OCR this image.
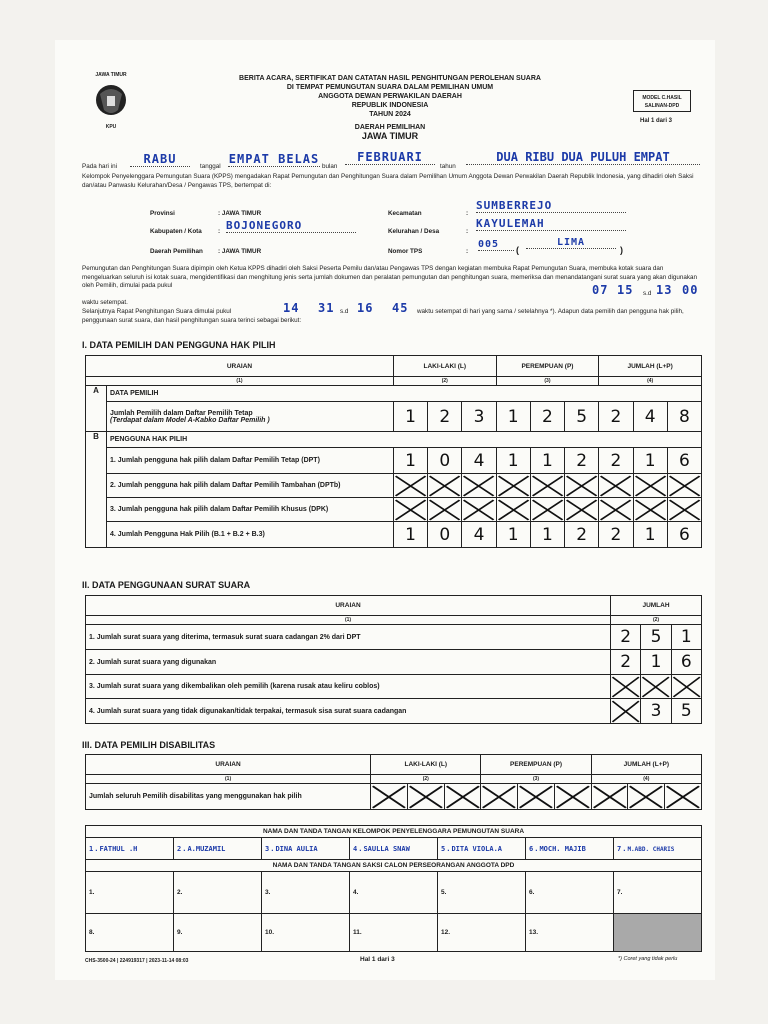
JAWA TIMUR
KPU
BERITA ACARA, SERTIFIKAT DAN CATATAN HASIL PENGHITUNGAN PEROLEHAN SUARA
DI TEMPAT PEMUNGUTAN SUARA DALAM PEMILIHAN UMUM
ANGGOTA DEWAN PERWAKILAN DAERAH
REPUBLIK INDONESIA
TAHUN 2024
DAERAH PEMILIHAN
JAWA TIMUR
MODEL C.HASIL
SALINAN-DPD
Hal 1 dari 3
Pada hari ini
RABU
tanggal
EMPAT BELAS
bulan
FEBRUARI
tahun
DUA RIBU DUA PULUH EMPAT
Kelompok Penyelenggara Pemungutan Suara (KPPS) mengadakan Rapat Pemungutan dan Penghitungan Suara dalam Pemilihan Umum Anggota Dewan Perwakilan Daerah Republik Indonesia, yang dihadiri oleh Saksi dan/atau Panwaslu Kelurahan/Desa / Pengawas TPS, bertempat di:
Provinsi	: JAWA TIMUR
Kabupaten / Kota	: BOJONEGORO
Daerah Pemilihan : JAWA TIMUR
Kecamatan	:
SUMBERREJO
Kelurahan / Desa	:
KAYULEMAH
Nomor TPS	:
005	(
LIMA
)
Pemungutan dan Penghitungan Suara dipimpin oleh Ketua KPPS dihadiri oleh Saksi Peserta Pemilu dan/atau Pengawas TPS dengan kegiatan membuka Rapat Pemungutan Suara, membuka kotak suara dan mengeluarkan seluruh isi kotak suara, mengidentifikasi dan menghitung jenis serta jumlah dokumen dan peralatan pemungutan dan penghitungan suara, memeriksa dan menandatangani surat suara yang akan digunakan oleh Pemilih, dimulai pada pukul	07 15 s.d 13 00
waktu setempat.
Selanjutnya Rapat Penghitungan Suara dimulai pukul	14 31 s.d 16 45	waktu setempat di hari yang sama / setelahnya *). Adapun data pemilih dan pengguna hak pilih, penggunaan surat suara, dan hasil penghitungan suara terinci sebagai berikut:
I. DATA PEMILIH DAN PENGGUNA HAK PILIH
URAIAN		LAKI-LAKI (L)			PEREMPUAN (P)			JUMLAH (L+P)		
(1)		(2)			(3)			(4)		
A	DATA PEMILIH									

	Jumlah Pemilih dalam Daftar Pemilih Tetap
(Terdapat dalam Model A-Kabko Daftar Pemilih )	1	2	3	1	2	5	2	4	8
B	PENGGUNA HAK PILIH									
	1. Jumlah pengguna hak pilih dalam Daftar Pemilih Tetap (DPT)	1	0	4	1	1	2	2	1	6
	2. Jumlah pengguna hak pilih dalam Daftar Pemilih Tambahan (DPTb)	

	3. Jumlah pengguna hak pilih dalam Daftar Pemilih Khusus (DPK)	

	4. Jumlah Pengguna Hak Pilih (B.1 + B.2 + B.3)	1	0	4	1	1	2	2	1	6
II. DATA PENGGUNAAN SURAT SUARA
URAIAN	JUMLAH		
(1)	(2)		
1. Jumlah surat suara yang diterima, termasuk surat suara cadangan 2% dari DPT	2	5	1
2. Jumlah surat suara yang digunakan	2	1	6
3. Jumlah surat suara yang dikembalikan oleh pemilih (karena rusak atau keliru coblos)	

4. Jumlah surat suara yang tidak digunakan/tidak terpakai, termasuk sisa surat suara cadangan		3	5
III. DATA PEMILIH DISABILITAS
URAIAN	LAKI-LAKI (L)			PEREMPUAN (P)			JUMLAH (L+P)		
(1)	(2)			(3)			(4)		
Jumlah seluruh Pemilih disabilitas yang menggunakan hak pilih	

NAMA DAN TANDA TANGAN KELOMPOK PENYELENGGARA PEMUNGUTAN SUARA						
1.FATHUL .H	2.A.MUZAMIL	3.DINA AULIA	4.SAULLA SNAW	5.DITA VIOLA.A	6.MOCH. MAJIB	7.M.ABD. CHARIS
NAMA DAN TANDA TANGAN SAKSI CALON PERSEORANGAN ANGGOTA DPD						
1.	2.	3.	4.	5.	6.	7.
8.	9.	10.	11.	12.	13.	
CHS-3500-24 | 224919317 | 2023-11-14 08:03	Hal 1 dari 3	*) Coret yang tidak perlu
